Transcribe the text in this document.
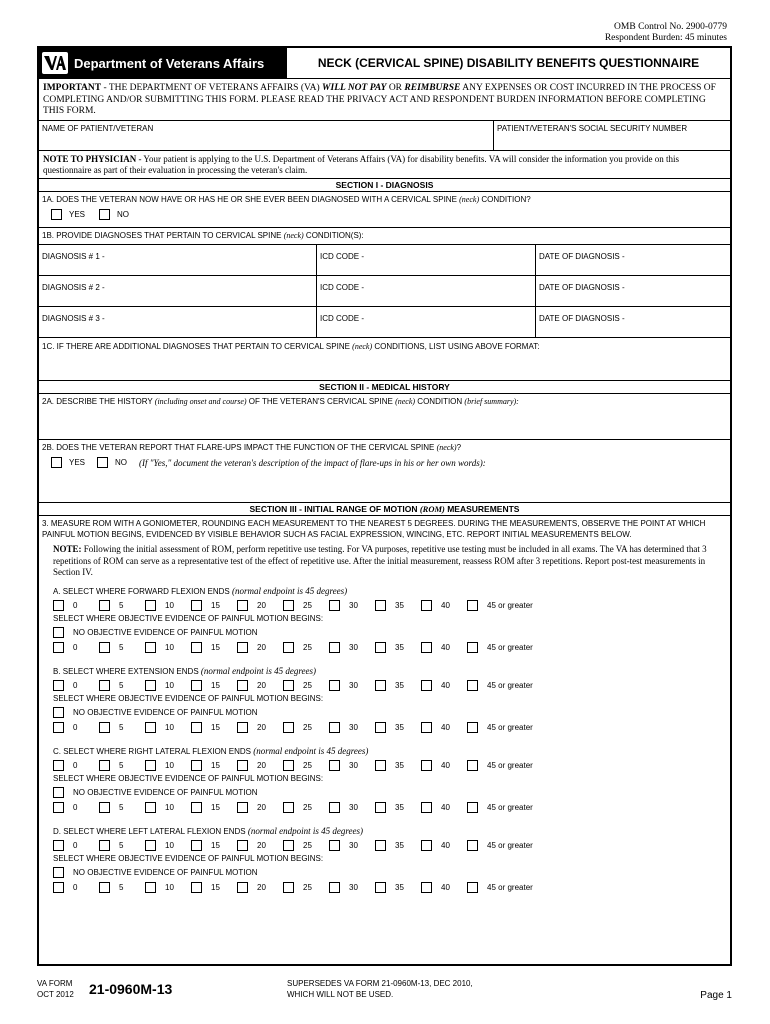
OMB Control No. 2900-0779
Respondent Burden: 45 minutes
Department of Veterans Affairs	NECK (CERVICAL SPINE) DISABILITY BENEFITS QUESTIONNAIRE
IMPORTANT - THE DEPARTMENT OF VETERANS AFFAIRS (VA) WILL NOT PAY OR REIMBURSE ANY EXPENSES OR COST INCURRED IN THE PROCESS OF COMPLETING AND/OR SUBMITTING THIS FORM. PLEASE READ THE PRIVACY ACT AND RESPONDENT BURDEN INFORMATION BEFORE COMPLETING THIS FORM.
NAME OF PATIENT/VETERAN	PATIENT/VETERAN'S SOCIAL SECURITY NUMBER
NOTE TO PHYSICIAN - Your patient is applying to the U.S. Department of Veterans Affairs (VA) for disability benefits. VA will consider the information you provide on this questionnaire as part of their evaluation in processing the veteran's claim.
SECTION I - DIAGNOSIS
1A. DOES THE VETERAN NOW HAVE OR HAS HE OR SHE EVER BEEN DIAGNOSED WITH A CERVICAL SPINE (neck) CONDITION?
YES	NO
1B. PROVIDE DIAGNOSES THAT PERTAIN TO CERVICAL SPINE (neck) CONDITION(S):
DIAGNOSIS # 1 -	ICD CODE -	DATE OF DIAGNOSIS -
DIAGNOSIS # 2 -	ICD CODE -	DATE OF DIAGNOSIS -
DIAGNOSIS # 3 -	ICD CODE -	DATE OF DIAGNOSIS -
1C. IF THERE ARE ADDITIONAL DIAGNOSES THAT PERTAIN TO CERVICAL SPINE (neck) CONDITIONS, LIST USING ABOVE FORMAT:
SECTION II - MEDICAL HISTORY
2A. DESCRIBE THE HISTORY (including onset and course) OF THE VETERAN'S CERVICAL SPINE (neck) CONDITION (brief summary):
2B. DOES THE VETERAN REPORT THAT FLARE-UPS IMPACT THE FUNCTION OF THE CERVICAL SPINE (neck)?
YES	NO (If "Yes," document the veteran's description of the impact of flare-ups in his or her own words):
SECTION III - INITIAL RANGE OF MOTION (ROM) MEASUREMENTS
3. MEASURE ROM WITH A GONIOMETER, ROUNDING EACH MEASUREMENT TO THE NEAREST 5 DEGREES. DURING THE MEASUREMENTS, OBSERVE THE POINT AT WHICH PAINFUL MOTION BEGINS, EVIDENCED BY VISIBLE BEHAVIOR SUCH AS FACIAL EXPRESSION, WINCING, ETC. REPORT INITIAL MEASUREMENTS BELOW.
NOTE: Following the initial assessment of ROM, perform repetitive use testing. For VA purposes, repetitive use testing must be included in all exams. The VA has determined that 3 repetitions of ROM can serve as a representative test of the effect of repetitive use. After the initial measurement, reassess ROM after 3 repetitions. Report post-test measurements in Section IV.
A. SELECT WHERE FORWARD FLEXION ENDS (normal endpoint is 45 degrees)
0	5	10	15	20	25	30	35	40	45 or greater
SELECT WHERE OBJECTIVE EVIDENCE OF PAINFUL MOTION BEGINS:
NO OBJECTIVE EVIDENCE OF PAINFUL MOTION
0	5	10	15	20	25	30	35	40	45 or greater
B. SELECT WHERE EXTENSION ENDS (normal endpoint is 45 degrees)
0	5	10	15	20	25	30	35	40	45 or greater
SELECT WHERE OBJECTIVE EVIDENCE OF PAINFUL MOTION BEGINS:
NO OBJECTIVE EVIDENCE OF PAINFUL MOTION
0	5	10	15	20	25	30	35	40	45 or greater
C. SELECT WHERE RIGHT LATERAL FLEXION ENDS (normal endpoint is 45 degrees)
0	5	10	15	20	25	30	35	40	45 or greater
SELECT WHERE OBJECTIVE EVIDENCE OF PAINFUL MOTION BEGINS:
NO OBJECTIVE EVIDENCE OF PAINFUL MOTION
0	5	10	15	20	25	30	35	40	45 or greater
D. SELECT WHERE LEFT LATERAL FLEXION ENDS (normal endpoint is 45 degrees)
0	5	10	15	20	25	30	35	40	45 or greater
SELECT WHERE OBJECTIVE EVIDENCE OF PAINFUL MOTION BEGINS:
NO OBJECTIVE EVIDENCE OF PAINFUL MOTION
0	5	10	15	20	25	30	35	40	45 or greater
VA FORM
OCT 2012 21-0960M-13	SUPERSEDES VA FORM 21-0960M-13, DEC 2010,
WHICH WILL NOT BE USED.	Page 1
